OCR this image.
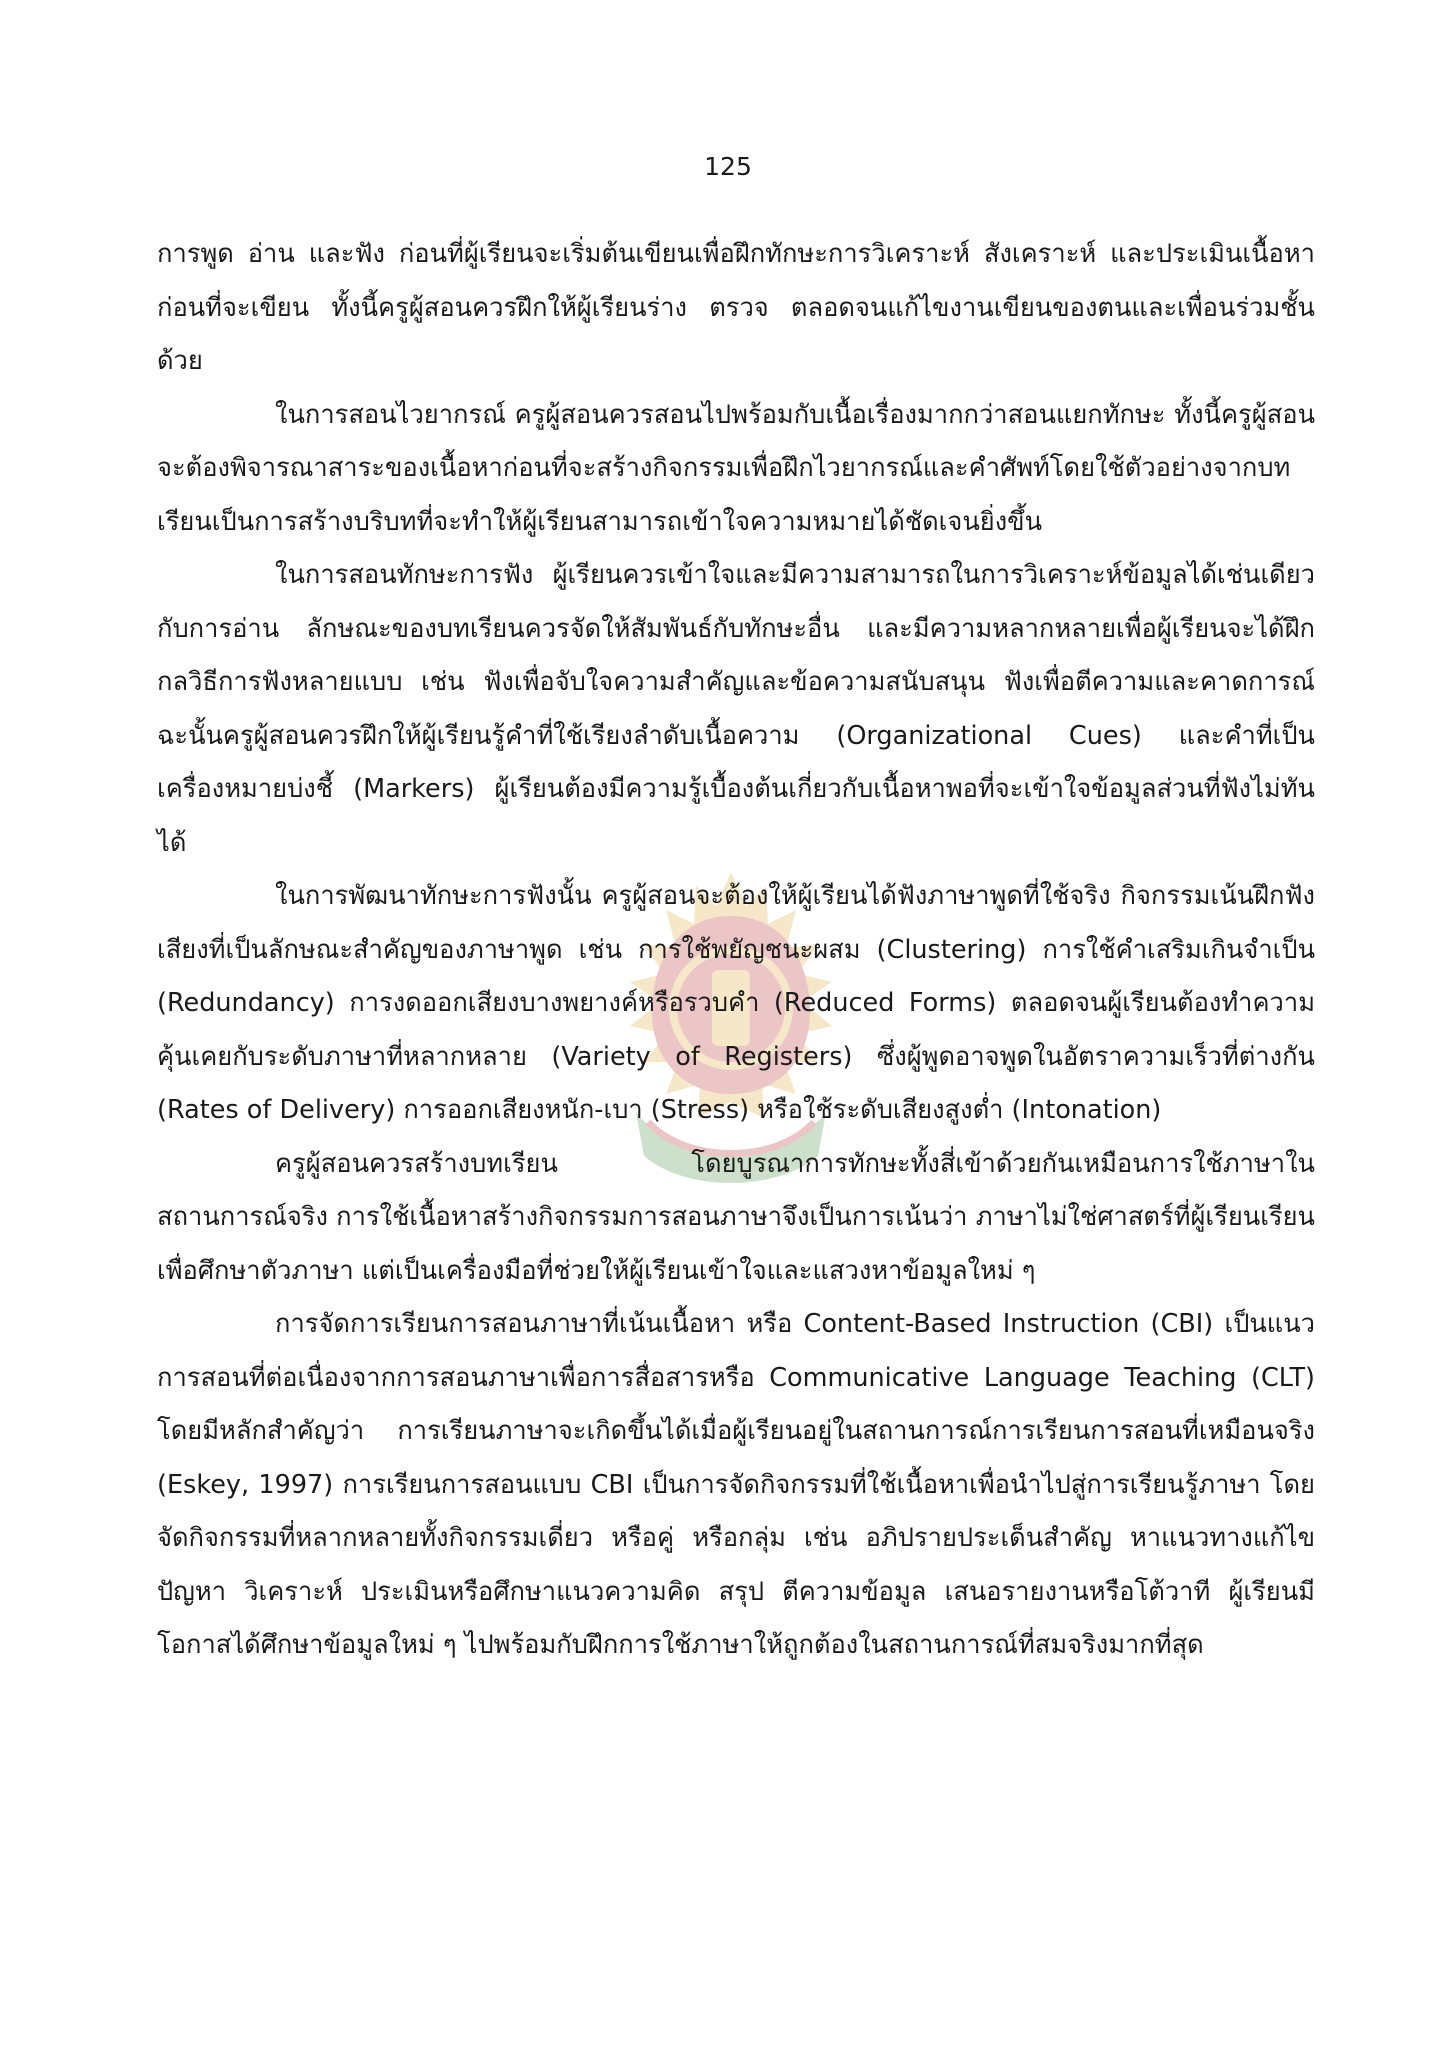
125

การพูด อ่าน และฟัง ก่อนที่ผู้เรียนจะเริ่มต้นเขียนเพื่อฝึกทักษะการวิเคราะห์ สังเคราะห์ และประเมินเนื้อหาก่อนที่จะเขียน ทั้งนี้ครูผู้สอนควรฝึกให้ผู้เรียนร่าง ตรวจ ตลอดจนแก้ไขงานเขียนของตนและเพื่อนร่วมชั้นด้วย

ในการสอนไวยากรณ์ ครูผู้สอนควรสอนไปพร้อมกับเนื้อเรื่องมากกว่าสอนแยกทักษะ ทั้งนี้ครูผู้สอนจะต้องพิจารณาสาระของเนื้อหาก่อนที่จะสร้างกิจกรรมเพื่อฝึกไวยากรณ์และคำศัพท์โดยใช้ตัวอย่างจากบทเรียนเป็นการสร้างบริบทที่จะทำให้ผู้เรียนสามารถเข้าใจความหมายได้ชัดเจนยิ่งขึ้น

ในการสอนทักษะการฟัง ผู้เรียนควรเข้าใจและมีความสามารถในการวิเคราะห์ข้อมูลได้เช่นเดียวกับการอ่าน ลักษณะของบทเรียนควรจัดให้สัมพันธ์กับทักษะอื่น และมีความหลากหลายเพื่อผู้เรียนจะได้ฝึกกลวิธีการฟังหลายแบบ เช่น ฟังเพื่อจับใจความสำคัญและข้อความสนับสนุน ฟังเพื่อตีความและคาดการณ์ ฉะนั้นครูผู้สอนควรฝึกให้ผู้เรียนรู้คำที่ใช้เรียงลำดับเนื้อความ (Organizational Cues) และคำที่เป็นเครื่องหมายบ่งชี้ (Markers) ผู้เรียนต้องมีความรู้เบื้องต้นเกี่ยวกับเนื้อหาพอที่จะเข้าใจข้อมูลส่วนที่ฟังไม่ทันได้

ในการพัฒนาทักษะการฟังนั้น ครูผู้สอนจะต้องให้ผู้เรียนได้ฟังภาษาพูดที่ใช้จริง กิจกรรมเน้นฝึกฟังเสียงที่เป็นลักษณะสำคัญของภาษาพูด เช่น การใช้พยัญชนะผสม (Clustering) การใช้คำเสริมเกินจำเป็น (Redundancy) การงดออกเสียงบางพยางค์หรือรวบคำ (Reduced Forms) ตลอดจนผู้เรียนต้องทำความคุ้นเคยกับระดับภาษาที่หลากหลาย (Variety of Registers) ซึ่งผู้พูดอาจพูดในอัตราความเร็วที่ต่างกัน (Rates of Delivery) การออกเสียงหนัก-เบา (Stress) หรือใช้ระดับเสียงสูงต่ำ (Intonation)

ครูผู้สอนควรสร้างบทเรียน โดยบูรณาการทักษะทั้งสี่เข้าด้วยกันเหมือนการใช้ภาษาในสถานการณ์จริง การใช้เนื้อหาสร้างกิจกรรมการสอนภาษาจึงเป็นการเน้นว่า ภาษาไม่ใช่ศาสตร์ที่ผู้เรียนเรียนเพื่อศึกษาตัวภาษา แต่เป็นเครื่องมือที่ช่วยให้ผู้เรียนเข้าใจและแสวงหาข้อมูลใหม่ ๆ

การจัดการเรียนการสอนภาษาที่เน้นเนื้อหา หรือ Content-Based Instruction (CBI) เป็นแนวการสอนที่ต่อเนื่องจากการสอนภาษาเพื่อการสื่อสารหรือ Communicative Language Teaching (CLT) โดยมีหลักสำคัญว่า การเรียนภาษาจะเกิดขึ้นได้เมื่อผู้เรียนอยู่ในสถานการณ์การเรียนการสอนที่เหมือนจริง (Eskey, 1997) การเรียนการสอนแบบ CBI เป็นการจัดกิจกรรมที่ใช้เนื้อหาเพื่อนำไปสู่การเรียนรู้ภาษา โดยจัดกิจกรรมที่หลากหลายทั้งกิจกรรมเดี่ยว หรือคู่ หรือกลุ่ม เช่น อภิปรายประเด็นสำคัญ หาแนวทางแก้ไขปัญหา วิเคราะห์ ประเมินหรือศึกษาแนวความคิด สรุป ตีความข้อมูล เสนอรายงานหรือโต้วาที ผู้เรียนมีโอกาสได้ศึกษาข้อมูลใหม่ ๆ ไปพร้อมกับฝึกการใช้ภาษาให้ถูกต้องในสถานการณ์ที่สมจริงมากที่สุด
